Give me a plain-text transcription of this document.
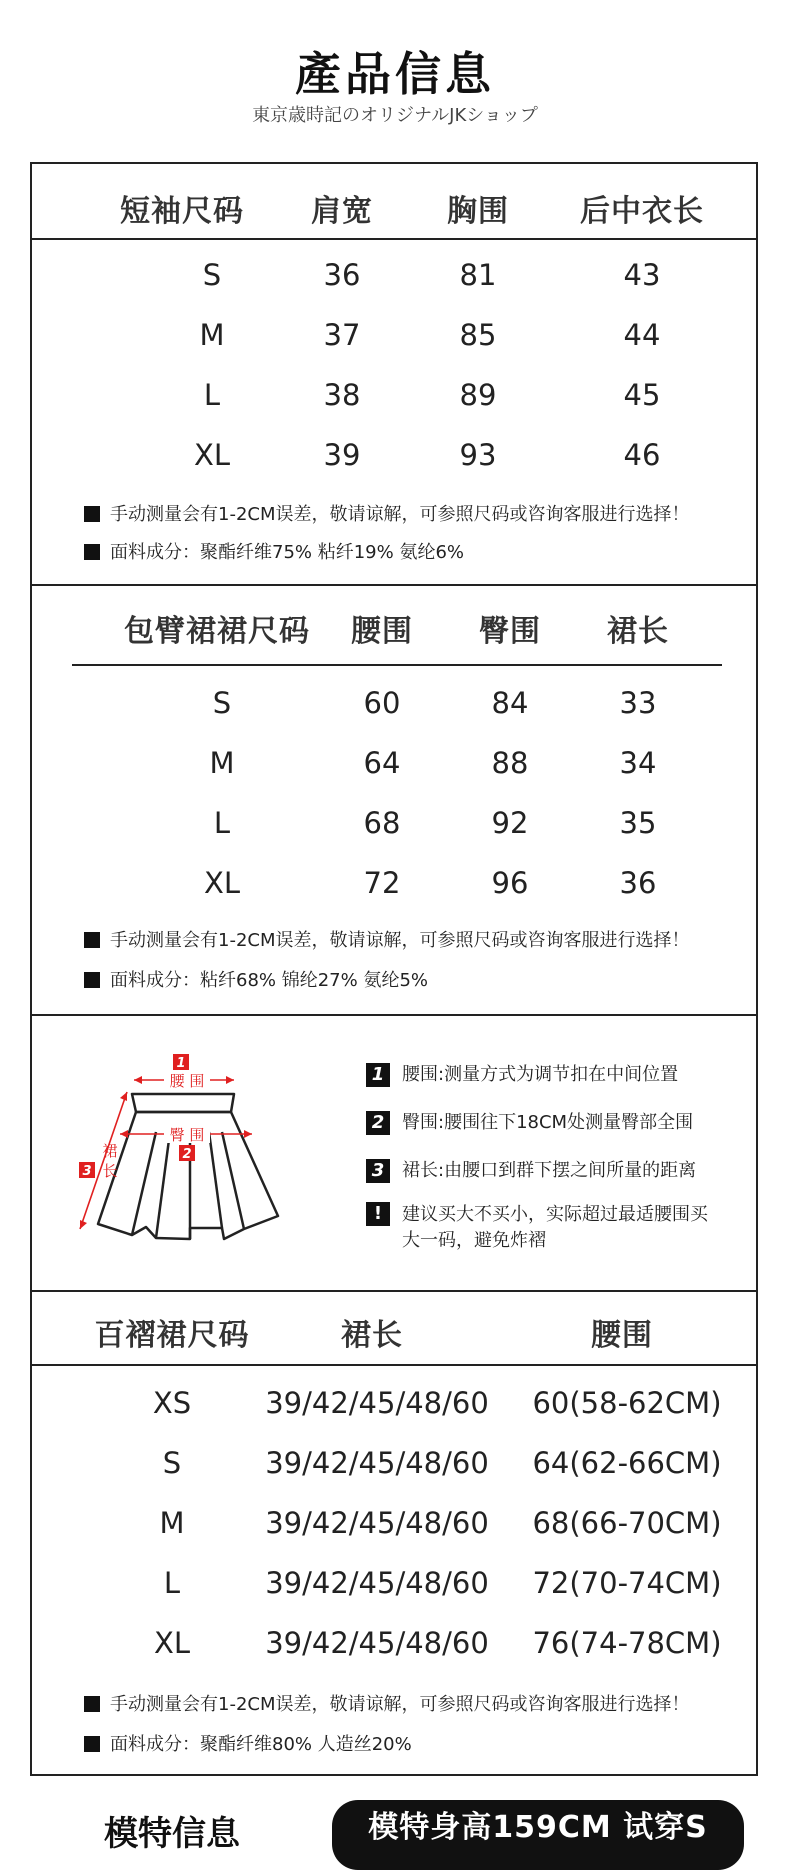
產品信息
東京歳時記のオリジナルJKショップ
短袖尺码	肩宽	胸围	后中衣长
S	36	81	43
M	37	85	44
L	38	89	45
XL	39	93	46
手动测量会有1-2CM误差，敬请谅解，可参照尺码或咨询客服进行选择！
面料成分：聚酯纤维75% 粘纤19% 氨纶6%
包臂裙裙尺码	腰围	臀围	裙长
S	60	84	33
M	64	88	34
L	68	92	35
XL	72	96	36
手动测量会有1-2CM误差，敬请谅解，可参照尺码或咨询客服进行选择！
面料成分：粘纤68% 锦纶27% 氨纶5%
1
腰 围
臀 围
2
裙
长
3
1 腰围:测量方式为调节扣在中间位置
2 臀围:腰围往下18CM处测量臀部全围
3 裙长:由腰口到群下摆之间所量的距离
!	建议买大不买小，实际超过最适腰围买大一码，避免炸褶
百褶裙尺码	裙长	腰围
XS	39/42/45/48/60	60(58-62CM)
S	39/42/45/48/60	64(62-66CM)
M	39/42/45/48/60	68(66-70CM)
L	39/42/45/48/60	72(70-74CM)
XL	39/42/45/48/60	76(74-78CM)
手动测量会有1-2CM误差，敬请谅解，可参照尺码或咨询客服进行选择！
面料成分：聚酯纤维80% 人造丝20%
模特信息	模特身高159CM 试穿S
